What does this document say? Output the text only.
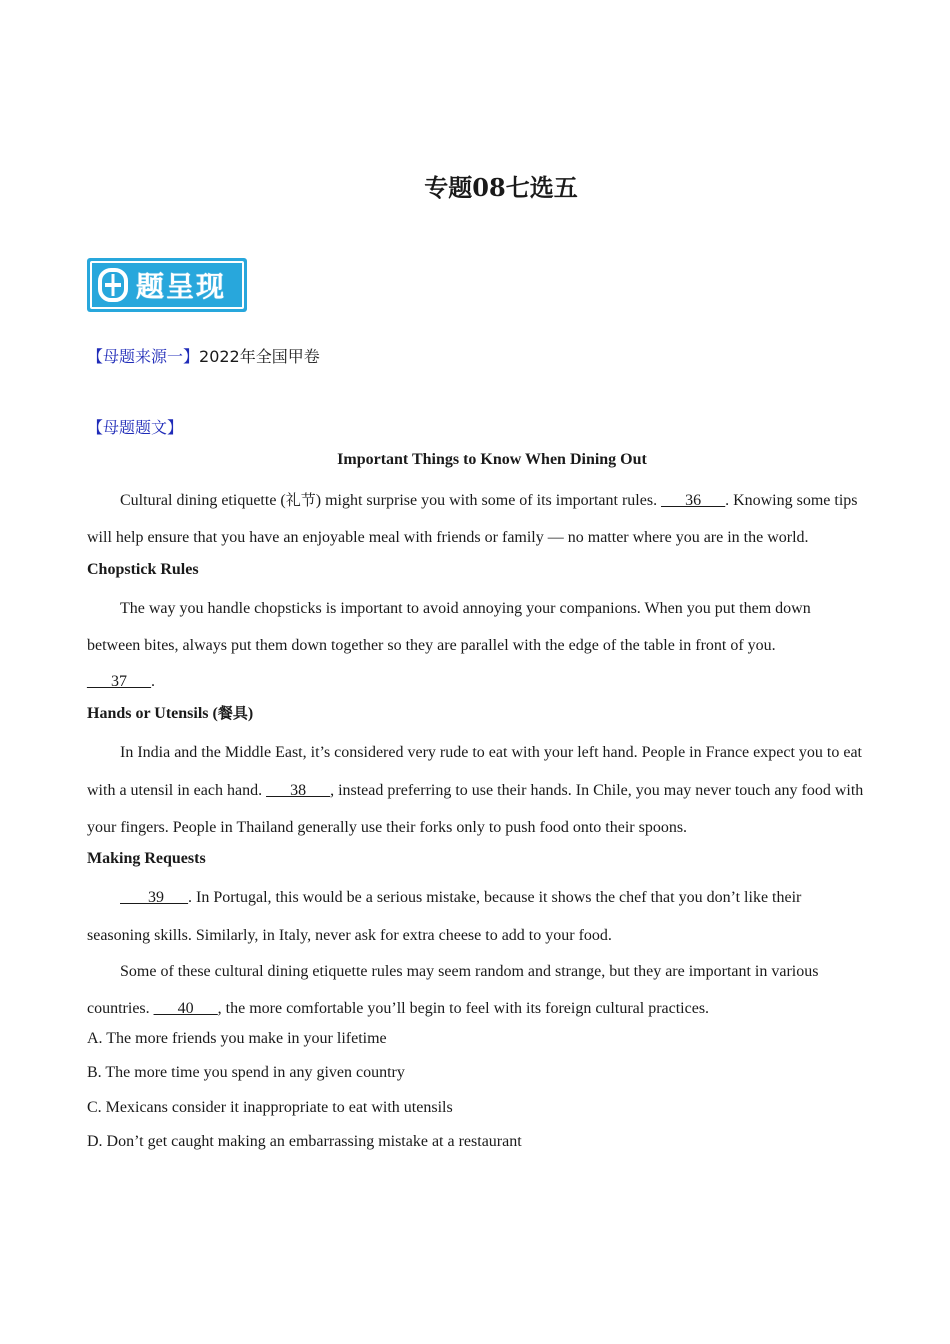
专题08七选五
题呈现
【母题来源一】2022年全国甲卷
【母题题文】
Important Things to Know When Dining Out

Cultural dining etiquette (礼节) might surprise you with some of its important rules. ___36___. Knowing some tips will help ensure that you have an enjoyable meal with friends or family — no matter where you are in the world.

Chopstick Rules

The way you handle chopsticks is important to avoid annoying your companions. When you put them down between bites, always put them down together so they are parallel with the edge of the table in front of you.

___37___.

Hands or Utensils (餐具)

In India and the Middle East, it’s considered very rude to eat with your left hand. People in France expect you to eat with a utensil in each hand. ___38___, instead preferring to use their hands. In Chile, you may never touch any food with your fingers. People in Thailand generally use their forks only to push food onto their spoons.

Making Requests

___39___. In Portugal, this would be a serious mistake, because it shows the chef that you don’t like their seasoning skills. Similarly, in Italy, never ask for extra cheese to add to your food.

Some of these cultural dining etiquette rules may seem random and strange, but they are important in various countries. ___40___, the more comfortable you’ll begin to feel with its foreign cultural practices.

A. The more friends you make in your lifetime

B. The more time you spend in any given country

C. Mexicans consider it inappropriate to eat with utensils

D. Don’t get caught making an embarrassing mistake at a restaurant
